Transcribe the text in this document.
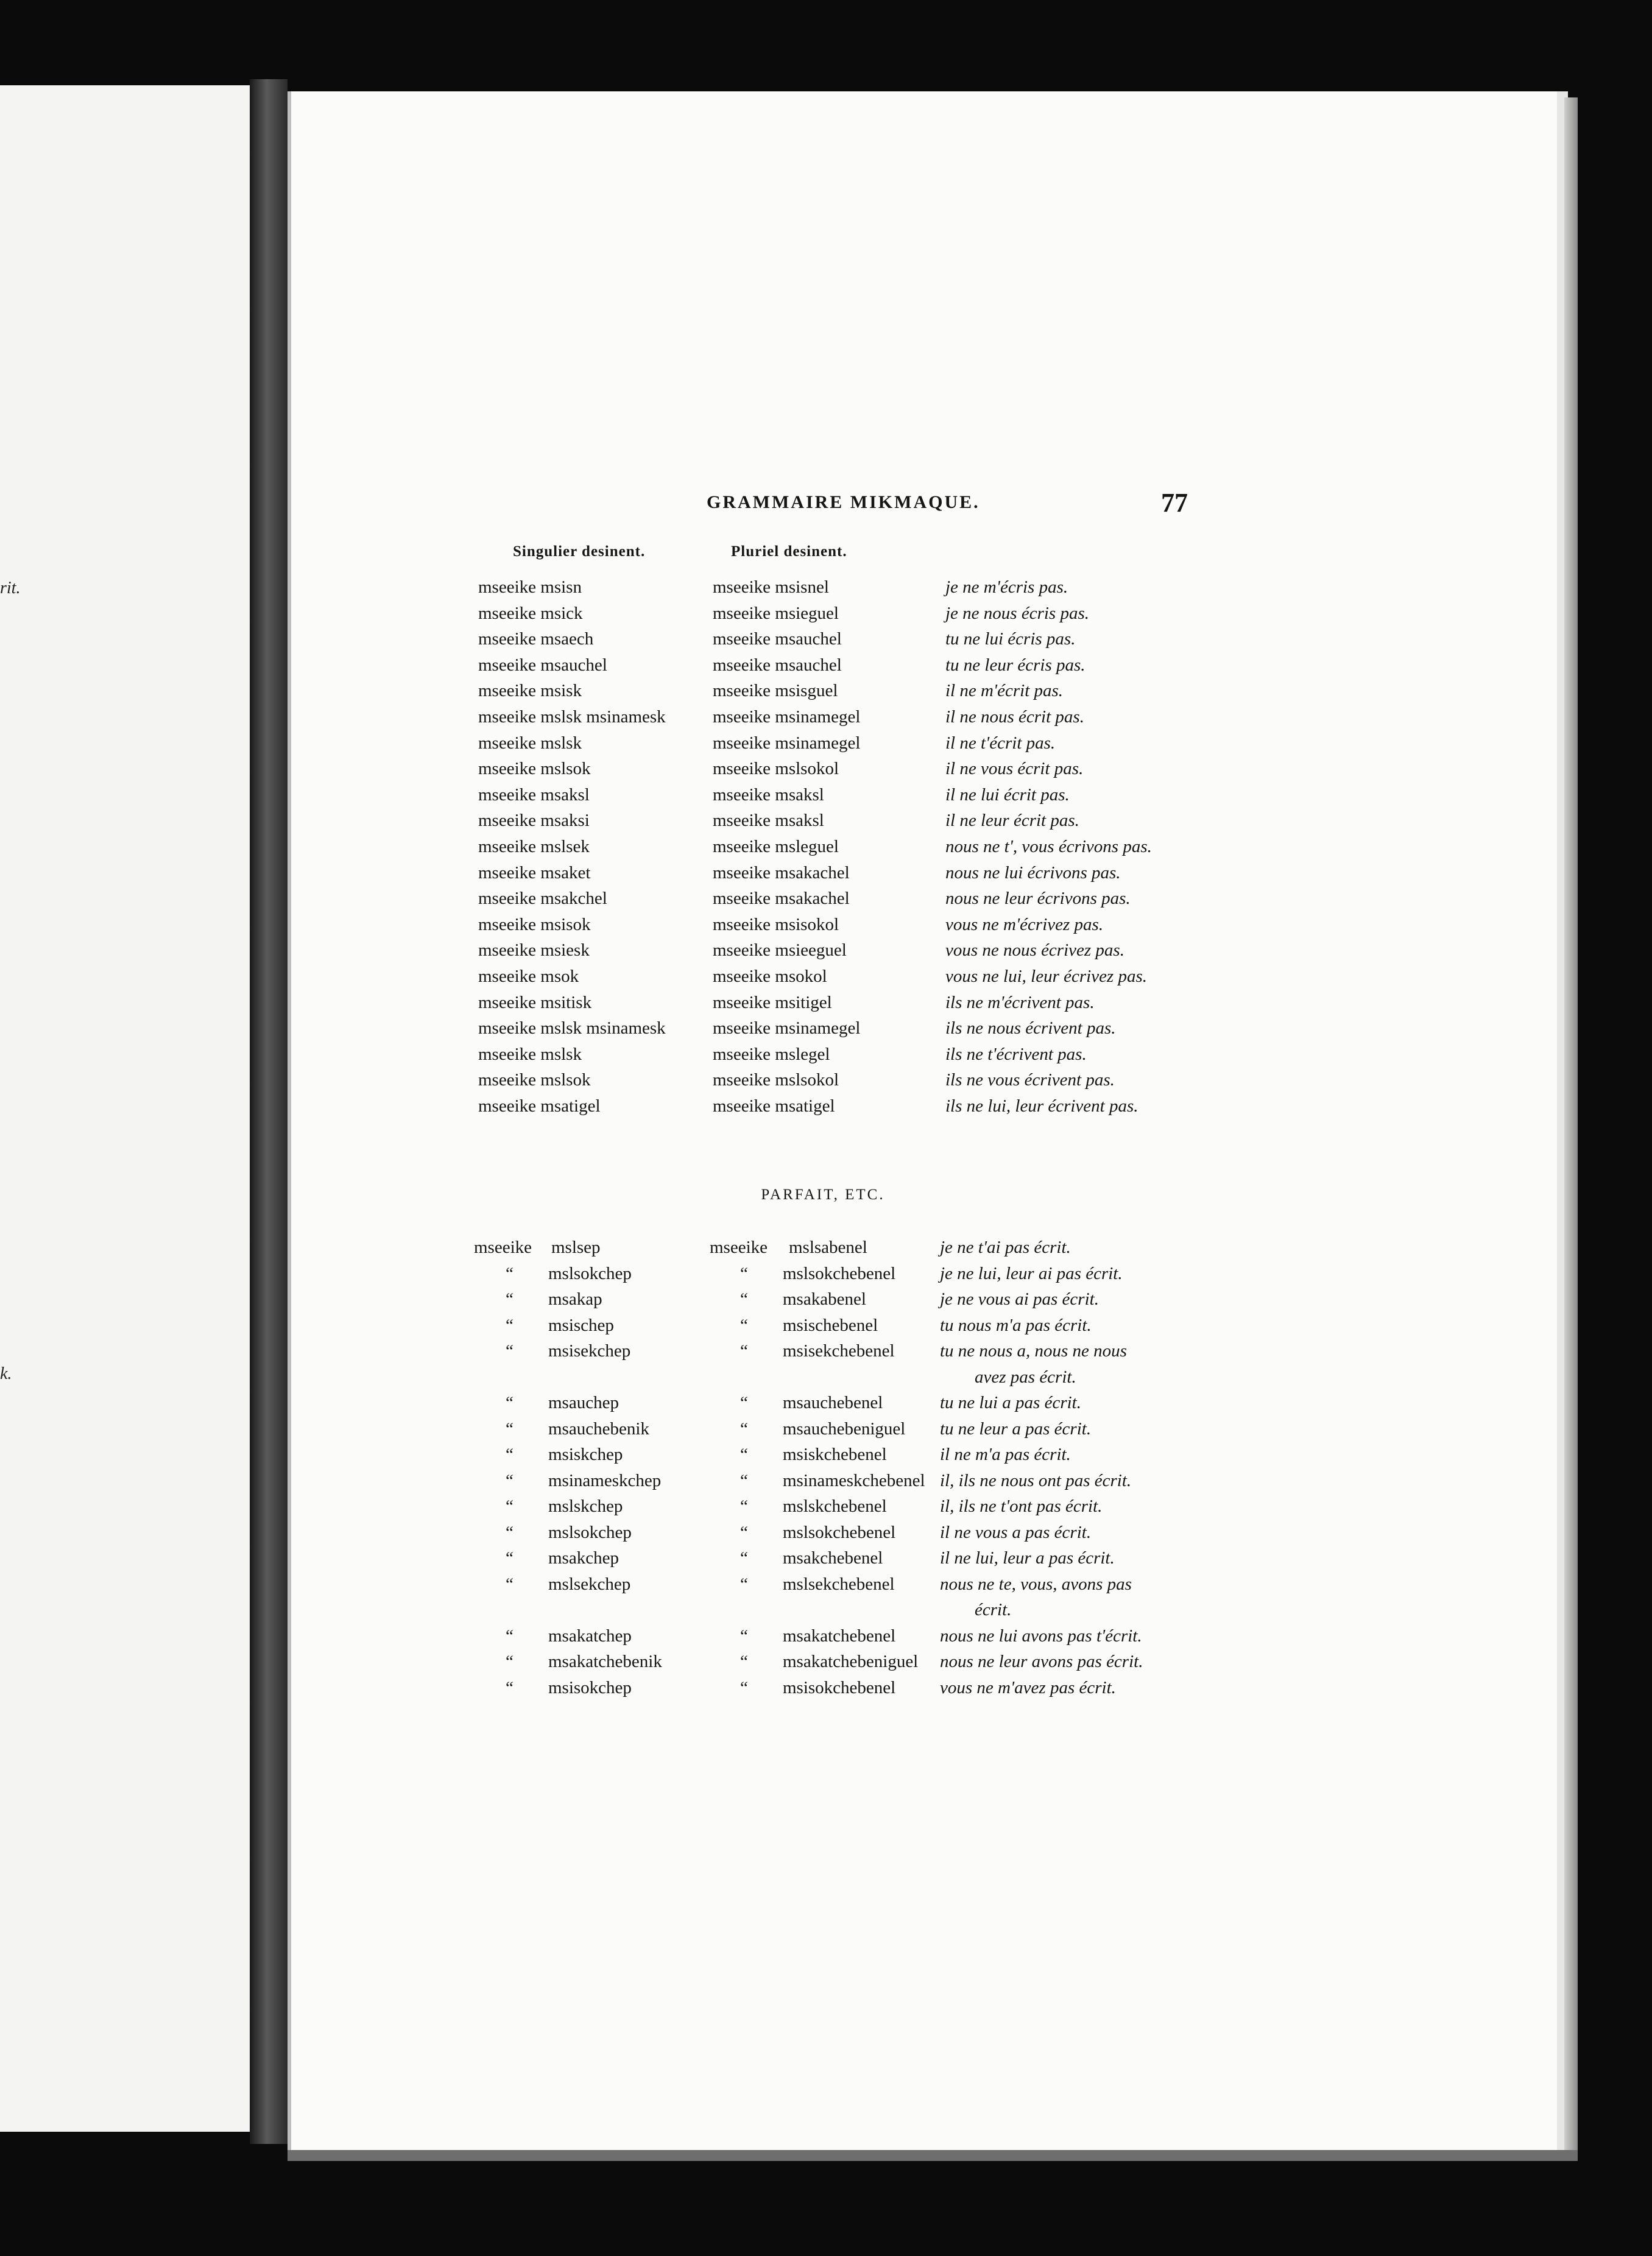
rit.
k.
GRAMMAIRE MIKMAQUE.	77
Singulier desinent.	Pluriel desinent.
mseeike msisn	mseeike msisnel	je ne m'écris pas.
mseeike msick	mseeike msieguel	je ne nous écris pas.
mseeike msaech	mseeike msauchel	tu ne lui écris pas.
mseeike msauchel	mseeike msauchel	tu ne leur écris pas.
mseeike msisk	mseeike msisguel	il ne m'écrit pas.
mseeike mslsk msinamesk	mseeike msinamegel	il ne nous écrit pas.
mseeike mslsk	mseeike msinamegel	il ne t'écrit pas.
mseeike mslsok	mseeike mslsokol	il ne vous écrit pas.
mseeike msaksl	mseeike msaksl	il ne lui écrit pas.
mseeike msaksi	mseeike msaksl	il ne leur écrit pas.
mseeike mslsek	mseeike msleguel	nous ne t', vous écrivons pas.
mseeike msaket	mseeike msakachel	nous ne lui écrivons pas.
mseeike msakchel	mseeike msakachel	nous ne leur écrivons pas.
mseeike msisok	mseeike msisokol	vous ne m'écrivez pas.
mseeike msiesk	mseeike msieeguel	vous ne nous écrivez pas.
mseeike msok	mseeike msokol	vous ne lui, leur écrivez pas.
mseeike msitisk	mseeike msitigel	ils ne m'écrivent pas.
mseeike mslsk msinamesk	mseeike msinamegel	ils ne nous écrivent pas.
mseeike mslsk	mseeike mslegel	ils ne t'écrivent pas.
mseeike mslsok	mseeike mslsokol	ils ne vous écrivent pas.
mseeike msatigel	mseeike msatigel	ils ne lui, leur écrivent pas.
PARFAIT, ETC.
mseeike mslsep	mseeike mslsabenel	je ne t'ai pas écrit.
“ mslsokchep	“ mslsokchebenel	je ne lui, leur ai pas écrit.
“ msakap	“ msakabenel	je ne vous ai pas écrit.
“ msischep	“ msischebenel	tu nous m'a pas écrit.
“ msisekchep	“ msisekchebenel	tu ne nous a, nous ne nous
avez pas écrit.
“ msauchep	“ msauchebenel	tu ne lui a pas écrit.
“ msauchebenik	“ msauchebeniguel tu ne leur a pas écrit.
“ msiskchep	“ msiskchebenel	il ne m'a pas écrit.
“ msinameskchep	“ msinameskchebenel il, ils ne nous ont pas écrit.
“ mslskchep	“ mslskchebenel	il, ils ne t'ont pas écrit.
“ mslsokchep	“ mslsokchebenel	il ne vous a pas écrit.
“ msakchep	“ msakchebenel	il ne lui, leur a pas écrit.
“ mslsekchep	“ mslsekchebenel	nous ne te, vous, avons pas
écrit.
“ msakatchep	“ msakatchebenel	nous ne lui avons pas t'écrit.
“ msakatchebenik	“ msakatchebeniguel nous ne leur avons pas écrit.
“ msisokchep	“ msisokchebenel	vous ne m'avez pas écrit.
